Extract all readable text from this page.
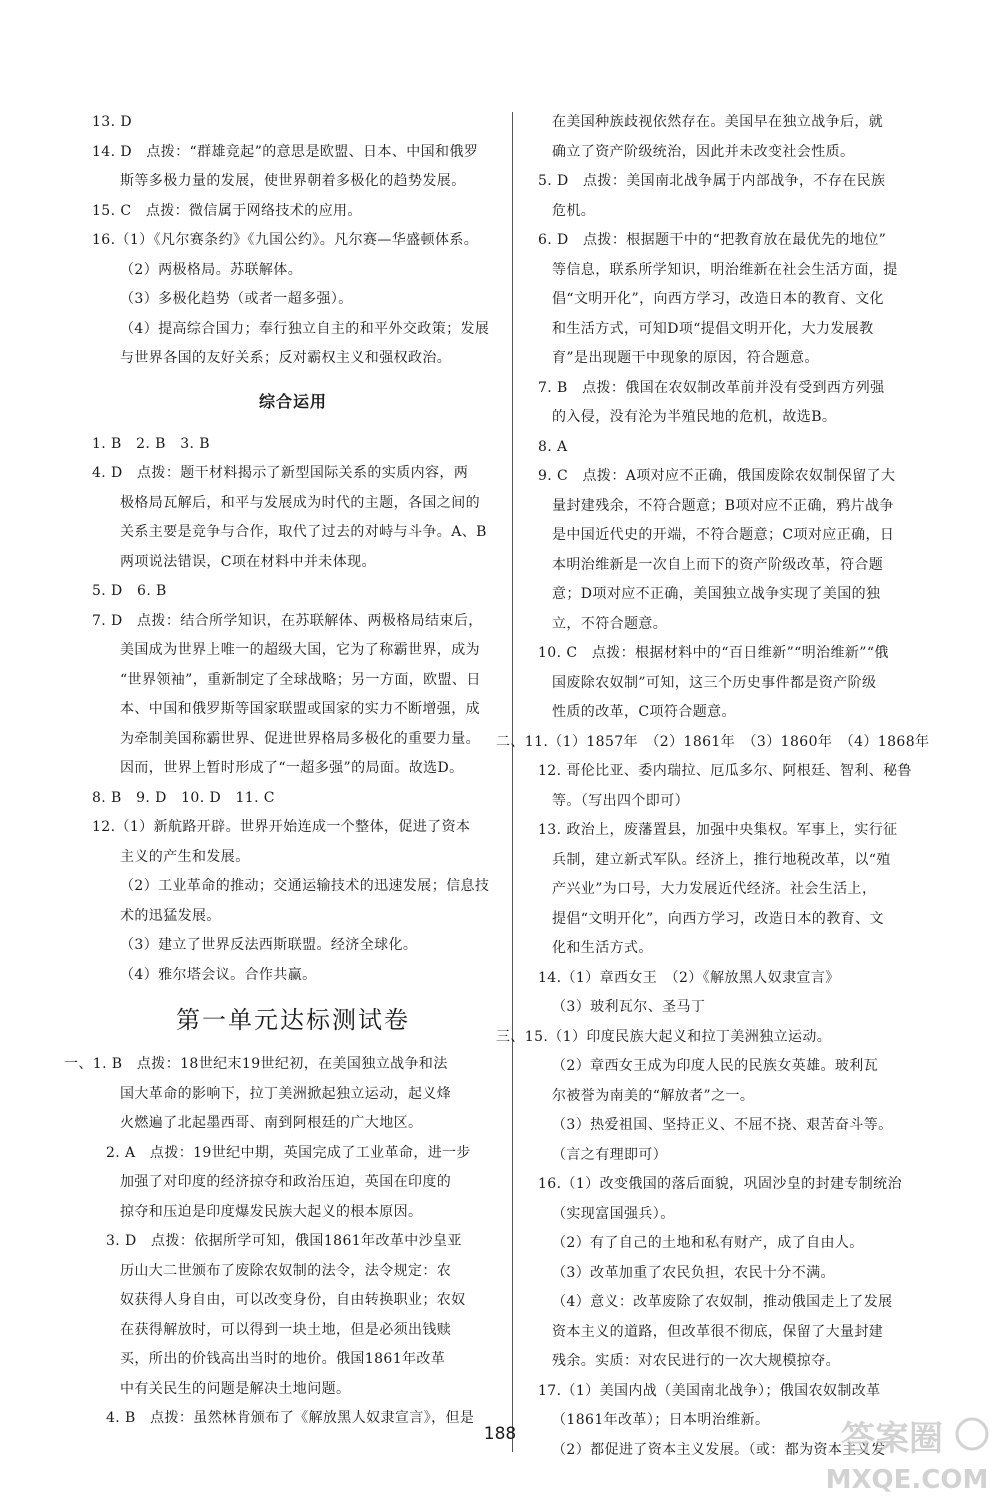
13. D
14. D　点拨：“群雄竞起”的意思是欧盟、日本、中国和俄罗
斯等多极力量的发展，使世界朝着多极化的趋势发展。
15. C　点拨：微信属于网络技术的应用。
16.（1）《凡尔赛条约》《九国公约》。凡尔赛—华盛顿体系。
（2）两极格局。苏联解体。
（3）多极化趋势（或者一超多强）。
（4）提高综合国力；奉行独立自主的和平外交政策；发展
与世界各国的友好关系；反对霸权主义和强权政治。
综合运用
1. B　2. B　3. B
4. D　点拨：题干材料揭示了新型国际关系的实质内容，两
极格局瓦解后，和平与发展成为时代的主题，各国之间的
关系主要是竞争与合作，取代了过去的对峙与斗争。A、B
两项说法错误，C项在材料中并未体现。
5. D　6. B
7. D　点拨：结合所学知识，在苏联解体、两极格局结束后，
美国成为世界上唯一的超级大国，它为了称霸世界，成为
“世界领袖”，重新制定了全球战略；另一方面，欧盟、日
本、中国和俄罗斯等国家联盟或国家的实力不断增强，成
为牵制美国称霸世界、促进世界格局多极化的重要力量。
因而，世界上暂时形成了“一超多强”的局面。故选D。
8. B　9. D　10. D　11. C
12.（1）新航路开辟。世界开始连成一个整体，促进了资本
主义的产生和发展。
（2）工业革命的推动；交通运输技术的迅速发展；信息技
术的迅猛发展。
（3）建立了世界反法西斯联盟。经济全球化。
（4）雅尔塔会议。合作共赢。
第一单元达标测试卷
一、1. B　点拨：18世纪末19世纪初，在美国独立战争和法
国大革命的影响下，拉丁美洲掀起独立运动，起义烽
火燃遍了北起墨西哥、南到阿根廷的广大地区。
2. A　点拨：19世纪中期，英国完成了工业革命，进一步
加强了对印度的经济掠夺和政治压迫，英国在印度的
掠夺和压迫是印度爆发民族大起义的根本原因。
3. D　点拨：依据所学可知，俄国1861年改革中沙皇亚
历山大二世颁布了废除农奴制的法令，法令规定：农
奴获得人身自由，可以改变身份，自由转换职业；农奴
在获得解放时，可以得到一块土地，但是必须出钱赎
买，所出的价钱高出当时的地价。俄国1861年改革
中有关民生的问题是解决土地问题。
4. B　点拨：虽然林肯颁布了《解放黑人奴隶宣言》，但是
在美国种族歧视依然存在。美国早在独立战争后，就
确立了资产阶级统治，因此并未改变社会性质。
5. D　点拨：美国南北战争属于内部战争，不存在民族
危机。
6. D　点拨：根据题干中的“把教育放在最优先的地位”
等信息，联系所学知识，明治维新在社会生活方面，提
倡“文明开化”，向西方学习，改造日本的教育、文化
和生活方式，可知D项“提倡文明开化，大力发展教
育”是出现题干中现象的原因，符合题意。
7. B　点拨：俄国在农奴制改革前并没有受到西方列强
的入侵，没有沦为半殖民地的危机，故选B。
8. A
9. C　点拨：A项对应不正确，俄国废除农奴制保留了大
量封建残余，不符合题意；B项对应不正确，鸦片战争
是中国近代史的开端，不符合题意；C项对应正确，日
本明治维新是一次自上而下的资产阶级改革，符合题
意；D项对应不正确，美国独立战争实现了美国的独
立，不符合题意。
10. C　点拨：根据材料中的“百日维新”“明治维新”“俄
国废除农奴制”可知，这三个历史事件都是资产阶级
性质的改革，C项符合题意。
二、11.（1）1857年　（2）1861年　（3）1860年　（4）1868年
12. 哥伦比亚、委内瑞拉、厄瓜多尔、阿根廷、智利、秘鲁
等。（写出四个即可）
13. 政治上，废藩置县，加强中央集权。军事上，实行征
兵制，建立新式军队。经济上，推行地税改革，以“殖
产兴业”为口号，大力发展近代经济。社会生活上，
提倡“文明开化”，向西方学习，改造日本的教育、文
化和生活方式。
14.（1）章西女王　（2）《解放黑人奴隶宣言》
（3）玻利瓦尔、圣马丁
三、15.（1）印度民族大起义和拉丁美洲独立运动。
（2）章西女王成为印度人民的民族女英雄。玻利瓦
尔被誉为南美的“解放者”之一。
（3）热爱祖国、坚持正义、不屈不挠、艰苦奋斗等。
（言之有理即可）
16.（1）改变俄国的落后面貌，巩固沙皇的封建专制统治
（实现富国强兵）。
（2）有了自己的土地和私有财产，成了自由人。
（3）改革加重了农民负担，农民十分不满。
（4）意义：改革废除了农奴制，推动俄国走上了发展
资本主义的道路，但改革很不彻底，保留了大量封建
残余。实质：对农民进行的一次大规模掠夺。
17.（1）美国内战（美国南北战争）；俄国农奴制改革
（1861年改革）；日本明治维新。
（2）都促进了资本主义发展。（或：都为资本主义发
188	答案圈
MXQE.COM
